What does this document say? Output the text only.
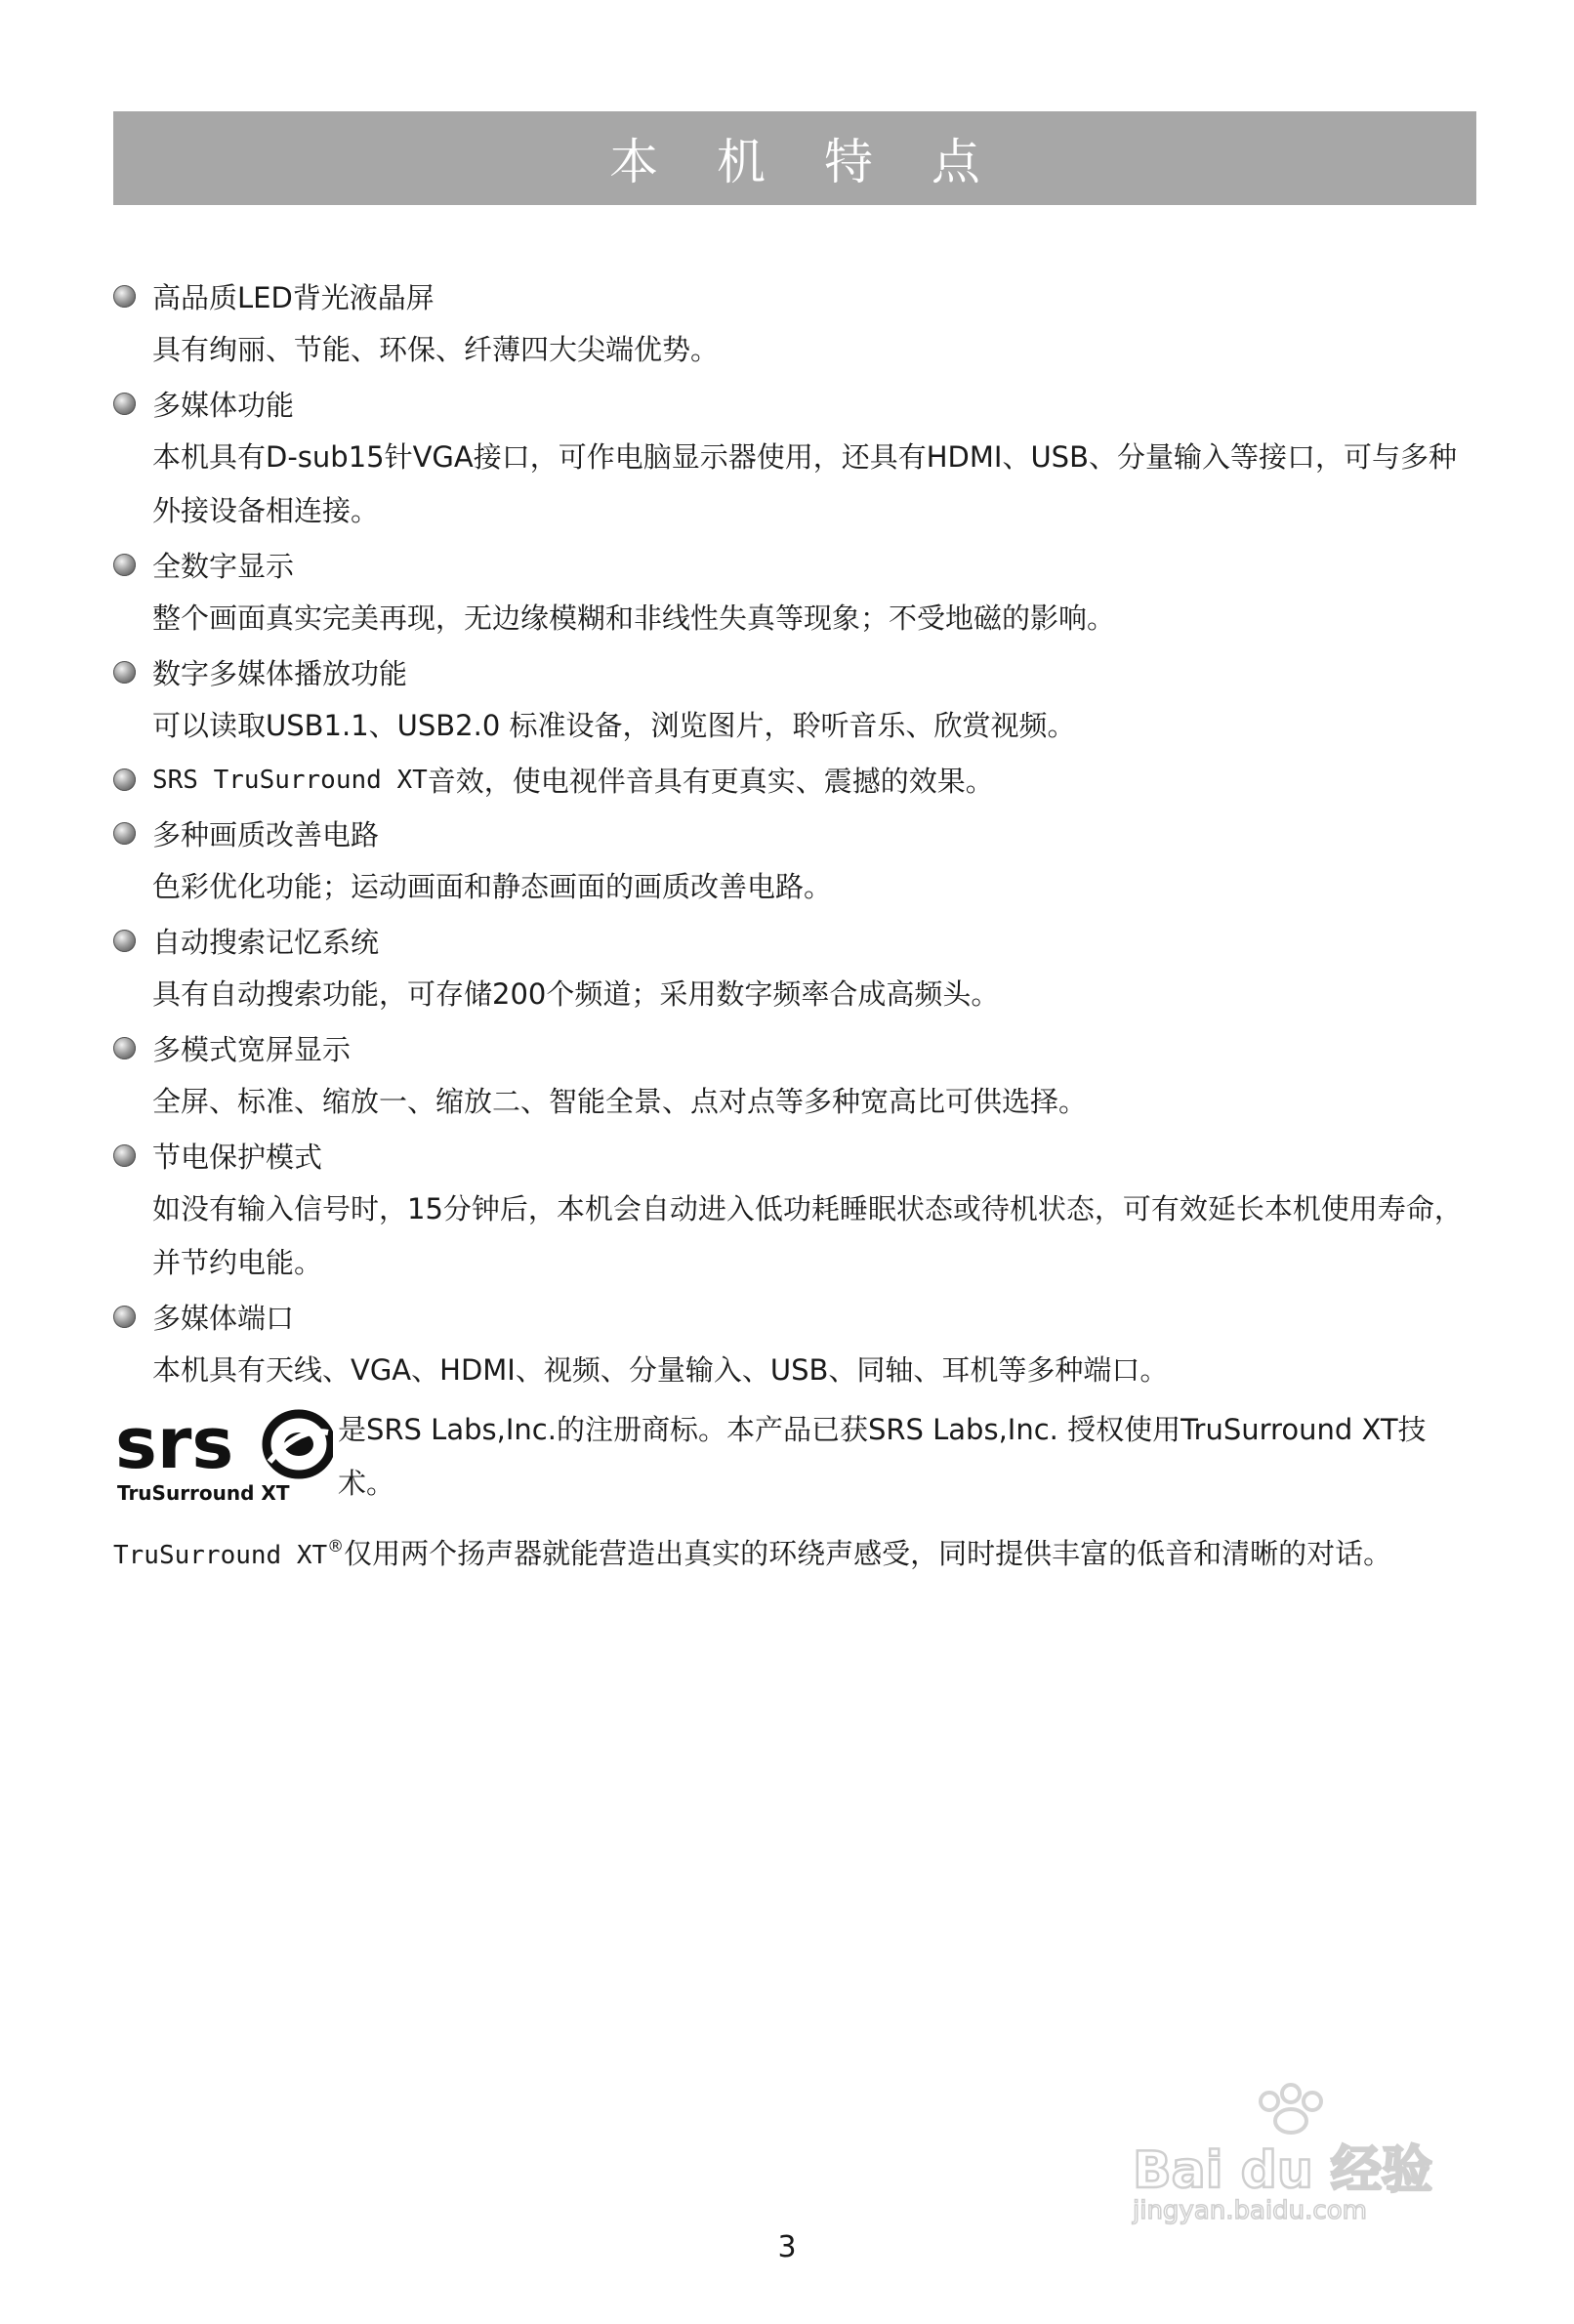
本 机 特 点
高品质LED背光液晶屏
具有绚丽、节能、环保、纤薄四大尖端优势。
多媒体功能
本机具有D-sub15针VGA接口，可作电脑显示器使用，还具有HDMI、USB、分量输入等接口，可与多种外接设备相连接。
全数字显示
整个画面真实完美再现，无边缘模糊和非线性失真等现象；不受地磁的影响。
数字多媒体播放功能
可以读取USB1.1、USB2.0 标准设备，浏览图片，聆听音乐、欣赏视频。
SRS TruSurround XT 音效，使电视伴音具有更真实、震撼的效果。
多种画质改善电路
色彩优化功能；运动画面和静态画面的画质改善电路。
自动搜索记忆系统
具有自动搜索功能，可存储200个频道；采用数字频率合成高频头。
多模式宽屏显示
全屏、标准、缩放一、缩放二、智能全景、点对点等多种宽高比可供选择。
节电保护模式
如没有输入信号时，15分钟后，本机会自动进入低功耗睡眠状态或待机状态，可有效延长本机使用寿命，并节约电能。
多媒体端口
本机具有天线、VGA、HDMI、视频、分量输入、USB、同轴、耳机等多种端口。
srs
TruSurround XT
是SRS Labs,Inc.的注册商标。本产品已获SRS Labs,Inc. 授权使用TruSurround XT技术。
TruSurround XT®仅用两个扬声器就能营造出真实的环绕声感受，同时提供丰富的低音和清晰的对话。
Bai du 经验
jingyan.baidu.com
3
